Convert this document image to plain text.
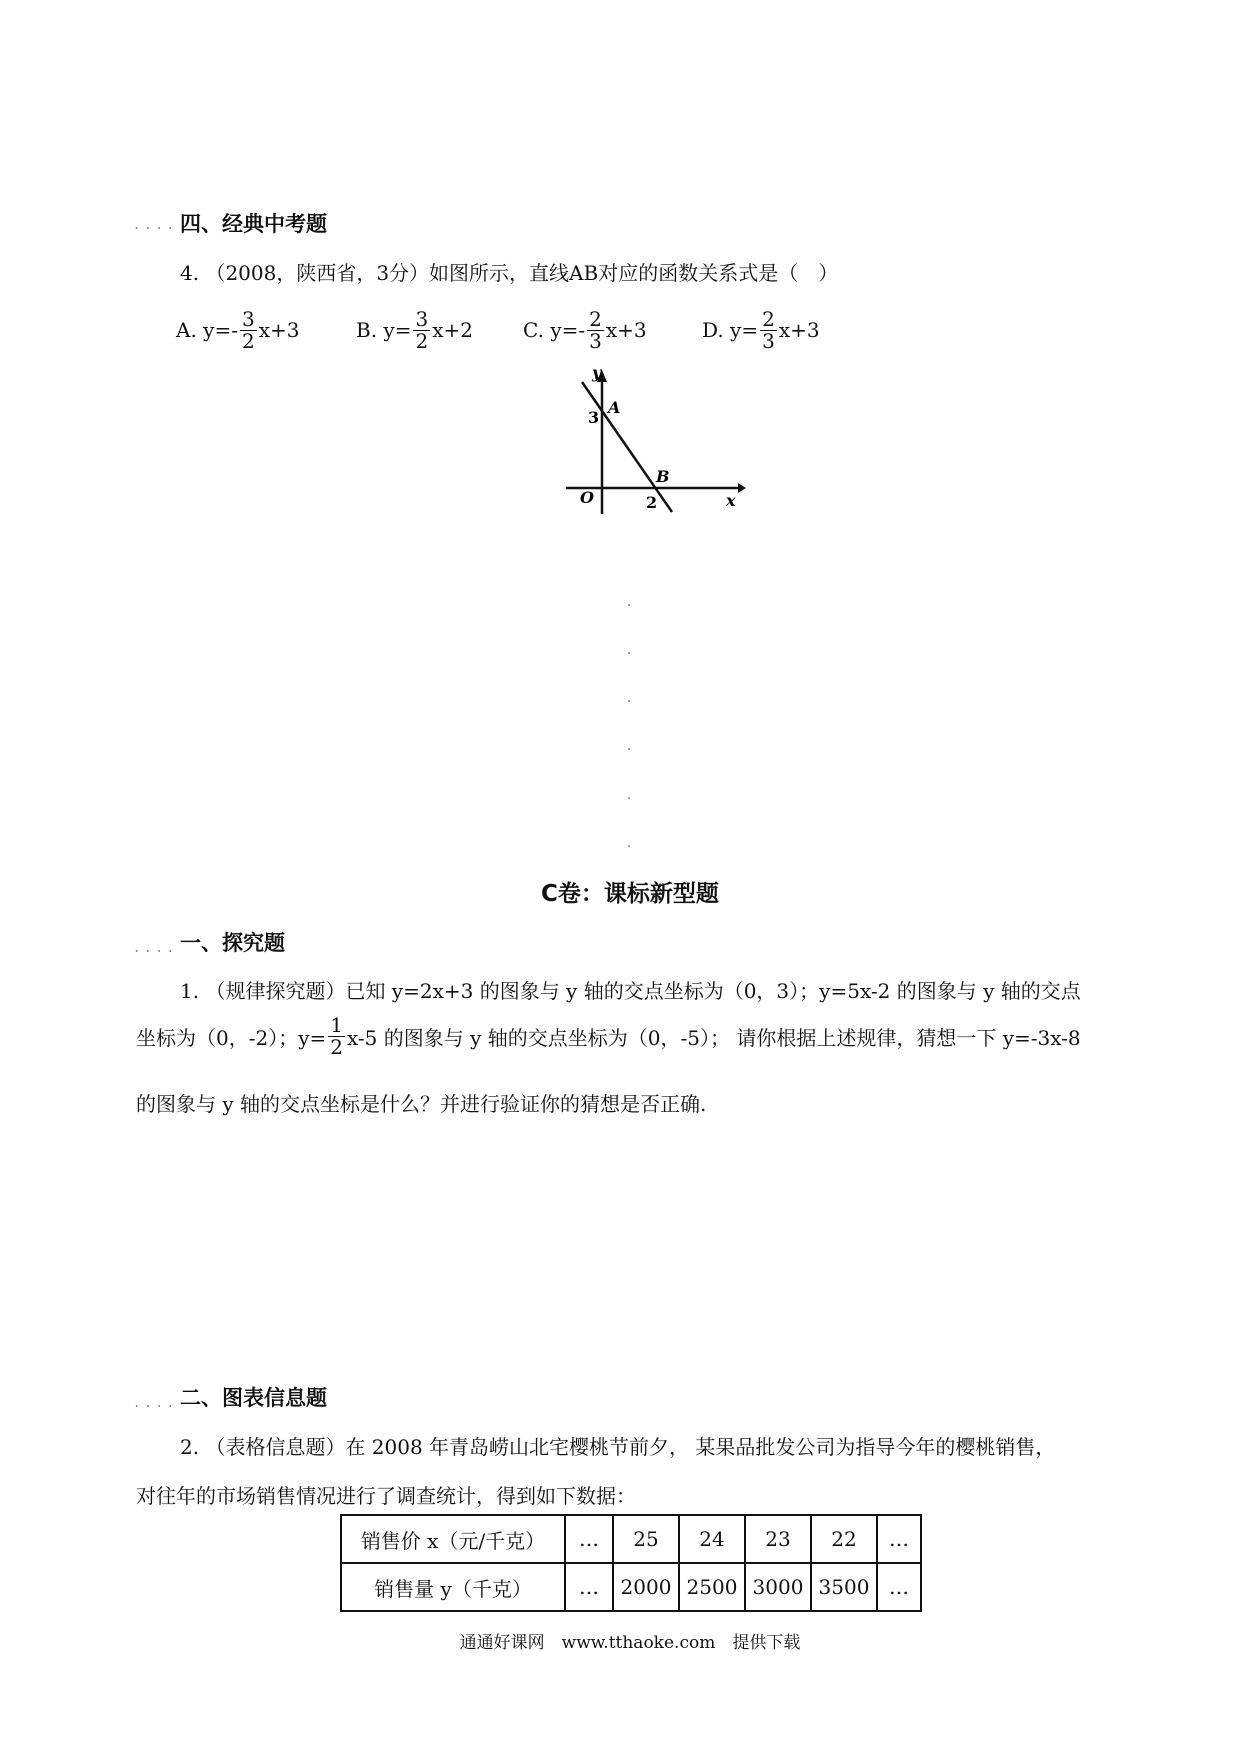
.... 四、经典中考题
4. （2008，陕西省，3分）如图所示，直线AB对应的函数关系式是（　）
A.
$y=- \frac{3}{2} x+3$	B.
$y= \frac{3}{2} x+2$	C.
$y=- \frac{2}{3} x+3$	D.
$y= \frac{2}{3} x+3$
y
A
3
B
O	2	x
C卷：课标新型题
.... 一、探究题
1. （规律探究题）已知 y=2x+3 的图象与 y 轴的交点坐标为（0，3）；y=5x-2 的图象与 y 轴的交点
坐标为（0，-2）；$y= \frac{1}{2} x-5$ 的图象与 y 轴的交点坐标为（0，-5）； 请你根据上述规律，猜想一下 y=-3x-8
的图象与 y 轴的交点坐标是什么？并进行验证你的猜想是否正确.
.... 二、图表信息题
2. （表格信息题）在 2008 年青岛崂山北宅樱桃节前夕， 某果品批发公司为指导今年的樱桃销售，
对往年的市场销售情况进行了调查统计，得到如下数据：
销售价 x（元/千克）	…	25	24	23	22	…
销售量 y（千克）	…	2000	2500	3000	3500	…
通通好课网　www.tthaoke.com　提供下载
